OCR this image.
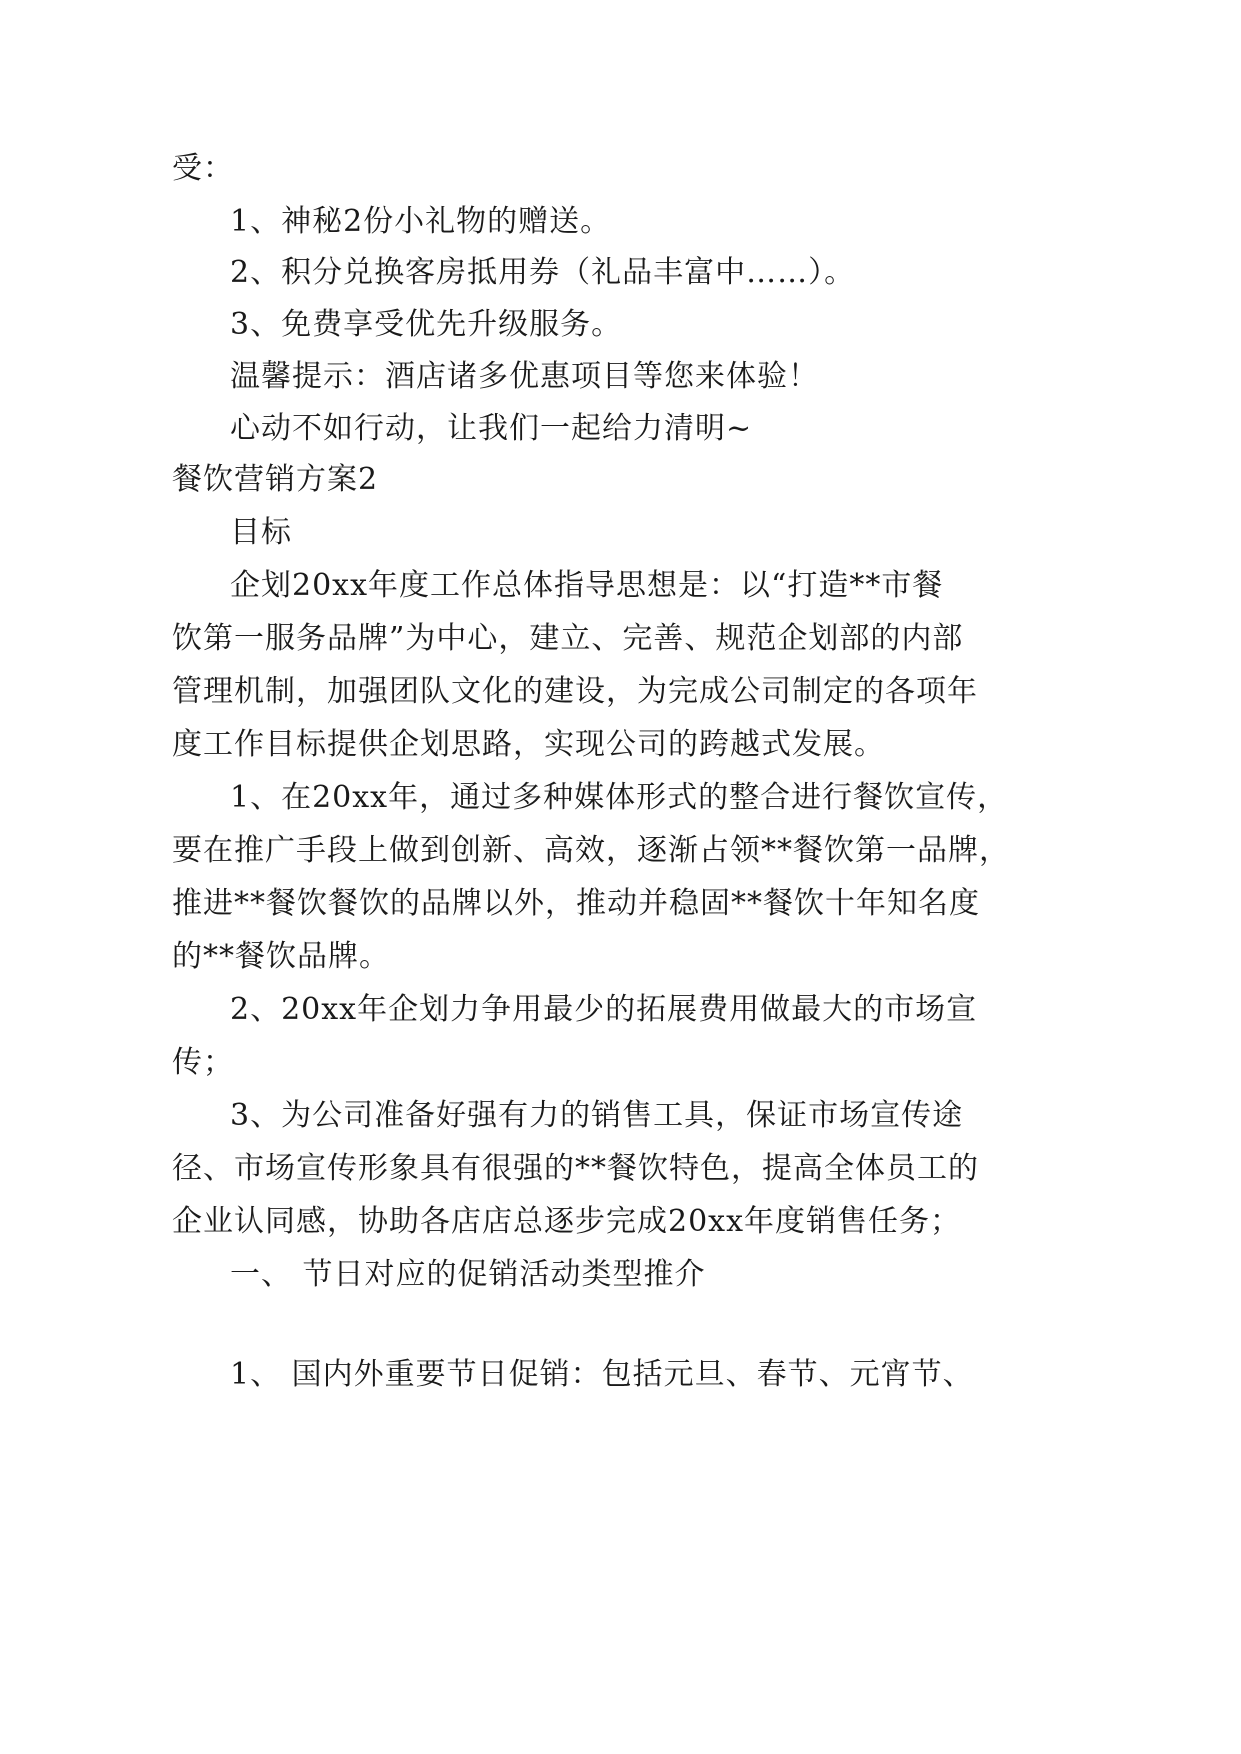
受：

1、神秘2份小礼物的赠送。

2、积分兑换客房抵用券（礼品丰富中……）。

3、免费享受优先升级服务。

温馨提示：酒店诸多优惠项目等您来体验！

心动不如行动，让我们一起给力清明~

餐饮营销方案2

目标

企划20xx年度工作总体指导思想是：以“打造**市餐

饮第一服务品牌”为中心，建立、完善、规范企划部的内部

管理机制，加强团队文化的建设，为完成公司制定的各项年

度工作目标提供企划思路，实现公司的跨越式发展。

1、在20xx年，通过多种媒体形式的整合进行餐饮宣传，

要在推广手段上做到创新、高效，逐渐占领**餐饮第一品牌，

推进**餐饮餐饮的品牌以外，推动并稳固**餐饮十年知名度

的**餐饮品牌。

2、20xx年企划力争用最少的拓展费用做最大的市场宣

传；

3、为公司准备好强有力的销售工具，保证市场宣传途

径、市场宣传形象具有很强的**餐饮特色，提高全体员工的

企业认同感，协助各店店总逐步完成20xx年度销售任务；

一、 节日对应的促销活动类型推介

1、 国内外重要节日促销：包括元旦、春节、元宵节、
